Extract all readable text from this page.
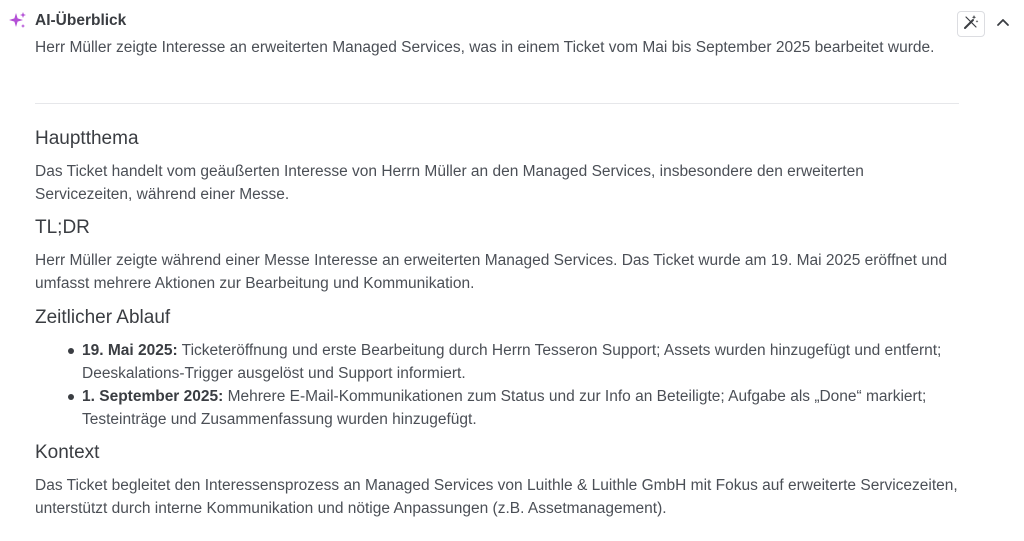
AI-Überblick

Herr Müller zeigte Interesse an erweiterten Managed Services, was in einem Ticket vom Mai bis September 2025 bearbeitet wurde.

Hauptthema

Das Ticket handelt vom geäußerten Interesse von Herrn Müller an den Managed Services, insbesondere den erweiterten Servicezeiten, während einer Messe.

TL;DR

Herr Müller zeigte während einer Messe Interesse an erweiterten Managed Services. Das Ticket wurde am 19. Mai 2025 eröffnet und umfasst mehrere Aktionen zur Bearbeitung und Kommunikation.

Zeitlicher Ablauf
19. Mai 2025: Ticketeröffnung und erste Bearbeitung durch Herrn Tesseron Support; Assets wurden hinzugefügt und entfernt; Deeskalations-Trigger ausgelöst und Support informiert.
1. September 2025: Mehrere E-Mail-Kommunikationen zum Status und zur Info an Beteiligte; Aufgabe als „Done“ markiert; Testeinträge und Zusammenfassung wurden hinzugefügt.
Kontext

Das Ticket begleitet den Interessensprozess an Managed Services von Luithle & Luithle GmbH mit Fokus auf erweiterte Servicezeiten, unterstützt durch interne Kommunikation und nötige Anpassungen (z.B. Assetmanagement).
